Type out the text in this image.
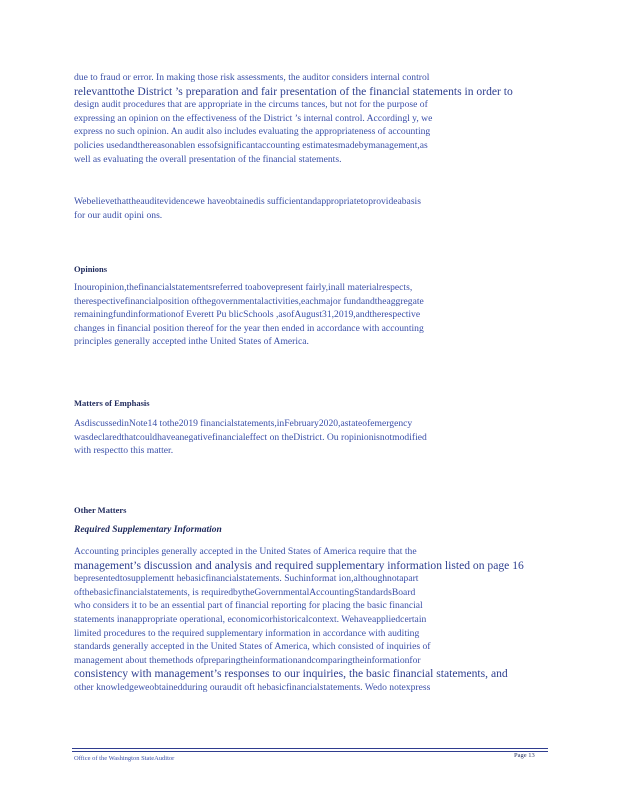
due to fraud or error. In making those risk assessments, the auditor considers internal control
relevanttothe District ’s preparation and fair presentation of the financial statements in order to
design audit procedures that are appropriate in the circums tances, but not for the purpose of
expressing an opinion on the effectiveness of the District ’s internal control. Accordingl y, we
express no such opinion. An audit also includes evaluating the appropriateness of accounting
policies usedandthereasonablen essofsignificantaccounting estimatesmadebymanagement,as
well as evaluating the overall presentation of the financial statements.
Webelievethattheauditevidencewe haveobtainedis sufficientandappropriatetoprovideabasis
for our audit opini ons.
Opinions
Inouropinion,thefinancialstatementsreferred toabovepresent fairly,inall materialrespects,
therespectivefinancialposition ofthegovernmentalactivities,eachmajor fundandtheaggregate
remainingfundinformationof Everett Pu blicSchools ,asofAugust31,2019,andtherespective
changes in financial position thereof for the year then ended in accordance with accounting
principles generally accepted inthe United States of America.
Matters of Emphasis
AsdiscussedinNote14 tothe2019 financialstatements,inFebruary2020,astateofemergency
wasdeclaredthatcouldhaveanegativefinancialeffect on theDistrict. Ou ropinionisnotmodified
with respectto this matter.
Other Matters
Required Supplementary Information
Accounting principles generally accepted in the United States of America require that the
management’s discussion and analysis and required supplementary information listed on page 16
bepresentedtosupplementt hebasicfinancialstatements. Suchinformat ion,althoughnotapart
ofthebasicfinancialstatements, is requiredbytheGovernmentalAccountingStandardsBoard
who considers it to be an essential part of financial reporting for placing the basic financial
statements inanappropriate operational, economicorhistoricalcontext. Wehaveappliedcertain
limited procedures to the required supplementary information in accordance with auditing
standards generally accepted in the United States of America, which consisted of inquiries of
management about themethods ofpreparingtheinformationandcomparingtheinformationfor
consistency with management’s responses to our inquiries, the basic financial statements, and
other knowledgeweobtainedduring ouraudit oft hebasicfinancialstatements. Wedo notexpress
Page 13
Office of the Washington StateAuditor
